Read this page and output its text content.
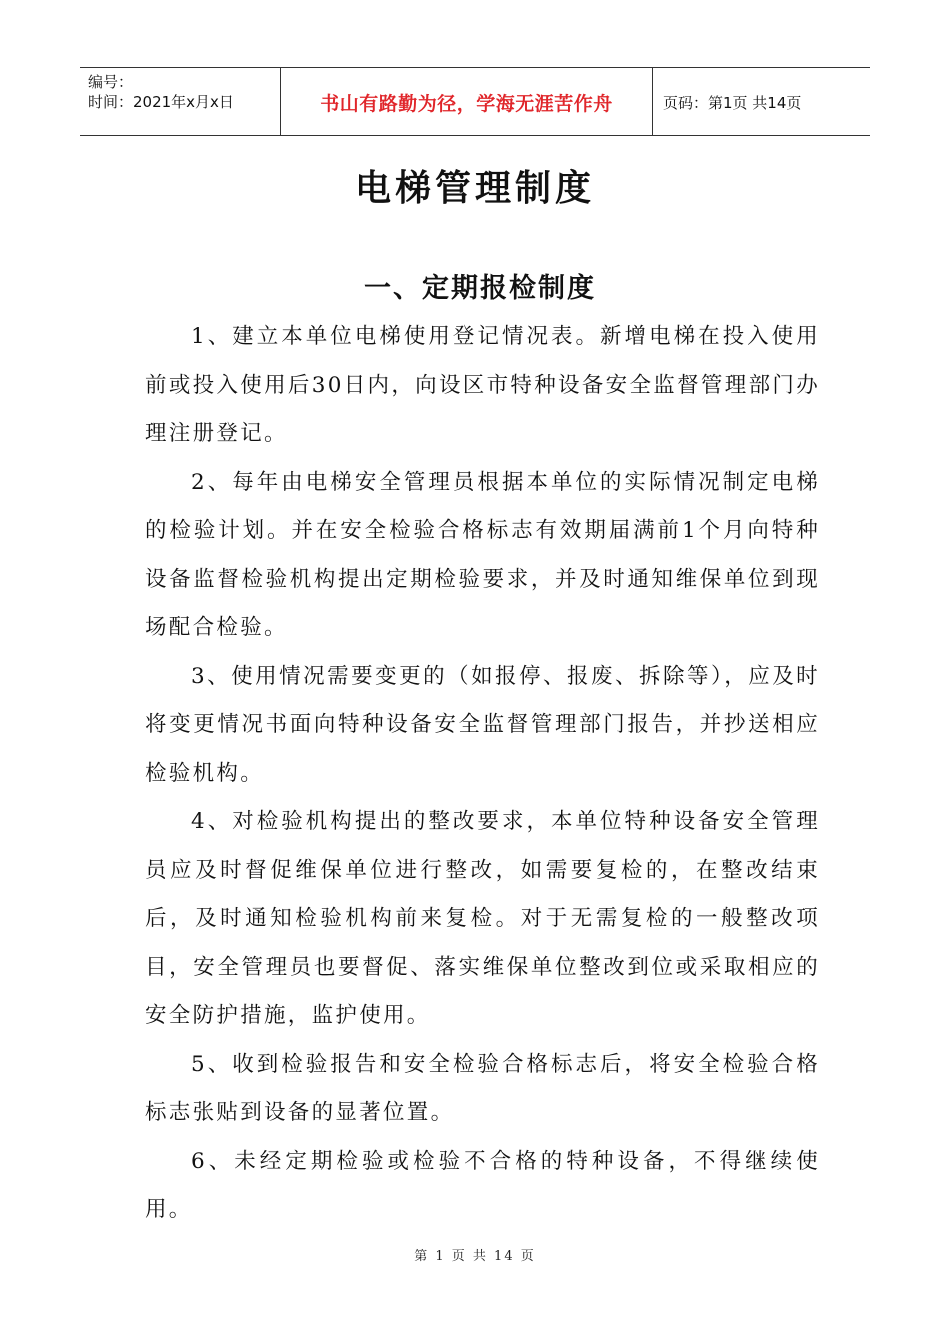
编号：
时间：2021年x月x日	书山有路勤为径，学海无涯苦作舟	页码：第1页 共14页
电梯管理制度
一、定期报检制度

1、建立本单位电梯使用登记情况表。新增电梯在投入使用前或投入使用后30日内，向设区市特种设备安全监督管理部门办理注册登记。

2、每年由电梯安全管理员根据本单位的实际情况制定电梯的检验计划。并在安全检验合格标志有效期届满前1个月向特种设备监督检验机构提出定期检验要求，并及时通知维保单位到现场配合检验。

3、使用情况需要变更的（如报停、报废、拆除等），应及时将变更情况书面向特种设备安全监督管理部门报告，并抄送相应检验机构。

4、对检验机构提出的整改要求，本单位特种设备安全管理员应及时督促维保单位进行整改，如需要复检的，在整改结束后，及时通知检验机构前来复检。对于无需复检的一般整改项目，安全管理员也要督促、落实维保单位整改到位或采取相应的安全防护措施，监护使用。

5、收到检验报告和安全检验合格标志后，将安全检验合格标志张贴到设备的显著位置。

6、未经定期检验或检验不合格的特种设备，不得继续使用。

第 1 页 共 14 页
